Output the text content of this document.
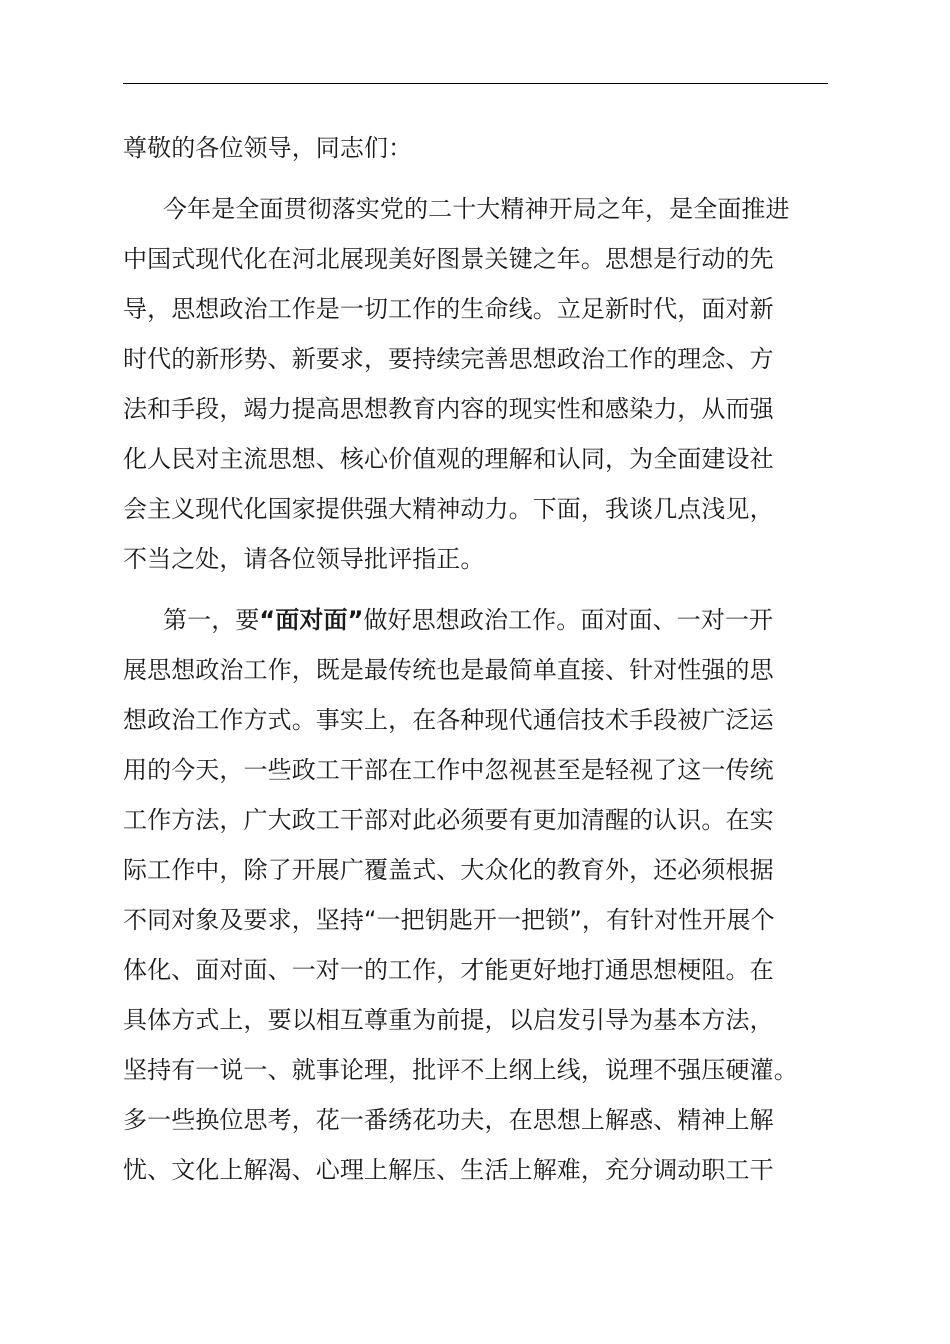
尊敬的各位领导，同志们：
今年是全面贯彻落实党的二十大精神开局之年，是全面推进
中国式现代化在河北展现美好图景关键之年。思想是行动的先
导，思想政治工作是一切工作的生命线。立足新时代，面对新
时代的新形势、新要求，要持续完善思想政治工作的理念、方
法和手段，竭力提高思想教育内容的现实性和感染力，从而强
化人民对主流思想、核心价值观的理解和认同，为全面建设社
会主义现代化国家提供强大精神动力。下面，我谈几点浅见，
不当之处，请各位领导批评指正。
第一，要“面对面”做好思想政治工作。面对面、一对一开
展思想政治工作，既是最传统也是最简单直接、针对性强的思
想政治工作方式。事实上，在各种现代通信技术手段被广泛运
用的今天，一些政工干部在工作中忽视甚至是轻视了这一传统
工作方法，广大政工干部对此必须要有更加清醒的认识。在实
际工作中，除了开展广覆盖式、大众化的教育外，还必须根据
不同对象及要求，坚持“一把钥匙开一把锁”，有针对性开展个
体化、面对面、一对一的工作，才能更好地打通思想梗阻。在
具体方式上，要以相互尊重为前提，以启发引导为基本方法，
坚持有一说一、就事论理，批评不上纲上线，说理不强压硬灌。
多一些换位思考，花一番绣花功夫，在思想上解惑、精神上解
忧、文化上解渴、心理上解压、生活上解难，充分调动职工干
